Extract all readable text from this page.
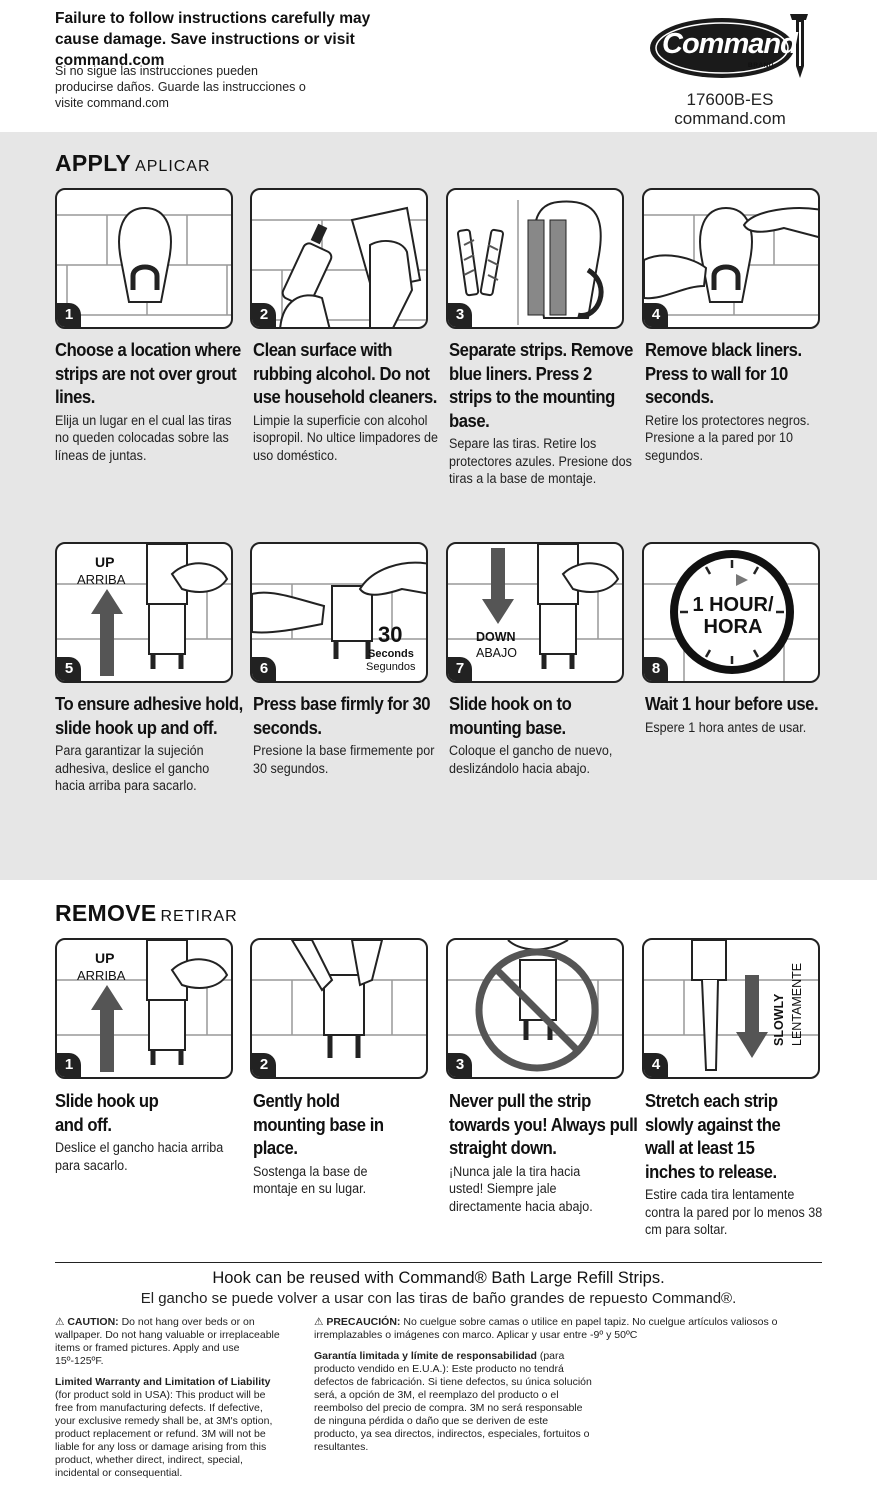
Failure to follow instructions carefully may cause damage. Save instructions or visit command.com
Si no sigue las instrucciones pueden producirse daños. Guarde las instrucciones o visite command.com
Command
BRAND
17600B-ES
command.com
APPLY APLICAR
1	2	3	4
UP
ARRIBA
5
30
Seconds
Segundos
6
DOWN
ABAJO
7
1 HOUR/
HORA
8
Choose a location where strips are not over grout lines.
Elija un lugar en el cual las tiras no queden colocadas sobre las líneas de juntas.
Clean surface with rubbing alcohol. Do not use household cleaners.
Limpie la superficie con alcohol isopropil. No ultice limpadores de uso doméstico.
Separate strips. Remove blue liners. Press 2 strips to the mounting base.
Separe las tiras. Retire los protectores azules. Presione dos tiras a la base de montaje.
Remove black liners. Press to wall for 10 seconds.
Retire los protectores negros. Presione a la pared por 10 segundos.
To ensure adhesive hold, slide hook up and off.
Para garantizar la sujeción adhesiva, deslice el gancho hacia arriba para sacarlo.
Press base firmly for 30 seconds.
Presione la base firmemente por 30 segundos.
Slide hook on to mounting base.
Coloque el gancho de nuevo, deslizándolo hacia abajo.
Wait 1 hour before use.
Espere 1 hora antes de usar.
REMOVE RETIRAR
UP
ARRIBA
1	2	3
SLOWLY LENTAMENTE
4
Slide hook up and off.
Deslice el gancho hacia arriba para sacarlo.
Gently hold mounting base in place.
Sostenga la base de montaje en su lugar.
Never pull the strip towards you! Always pull straight down.
¡Nunca jale la tira hacia usted! Siempre jale directamente hacia abajo.
Stretch each strip slowly against the wall at least 15 inches to release.
Estire cada tira lentamente contra la pared por lo menos 38 cm para soltar.
Hook can be reused with Command® Bath Large Refill Strips.
El gancho se puede volver a usar con las tiras de baño grandes de repuesto Command®.

⚠ CAUTION: Do not hang over beds or on wallpaper. Do not hang valuable or irreplaceable items or framed pictures. Apply and use 15º-125ºF.

Limited Warranty and Limitation of Liability (for product sold in USA): This product will be free from manufacturing defects. If defective, your exclusive remedy shall be, at 3M's option, product replacement or refund. 3M will not be liable for any loss or damage arising from this product, whether direct, indirect, special, incidental or consequential.

⚠ PRECAUCIÓN: No cuelgue sobre camas o utilice en papel tapiz. No cuelgue artículos valiosos o irremplazables o imágenes con marco. Aplicar y usar entre -9º y 50ºC

Garantía limitada y límite de responsabilidad (para producto vendido en E.U.A.): Este producto no tendrá defectos de fabricación. Si tiene defectos, su única solución será, a opción de 3M, el reemplazo del producto o el reembolso del precio de compra. 3M no será responsable de ninguna pérdida o daño que se deriven de este producto, ya sea directos, indirectos, especiales, fortuitos o resultantes.
